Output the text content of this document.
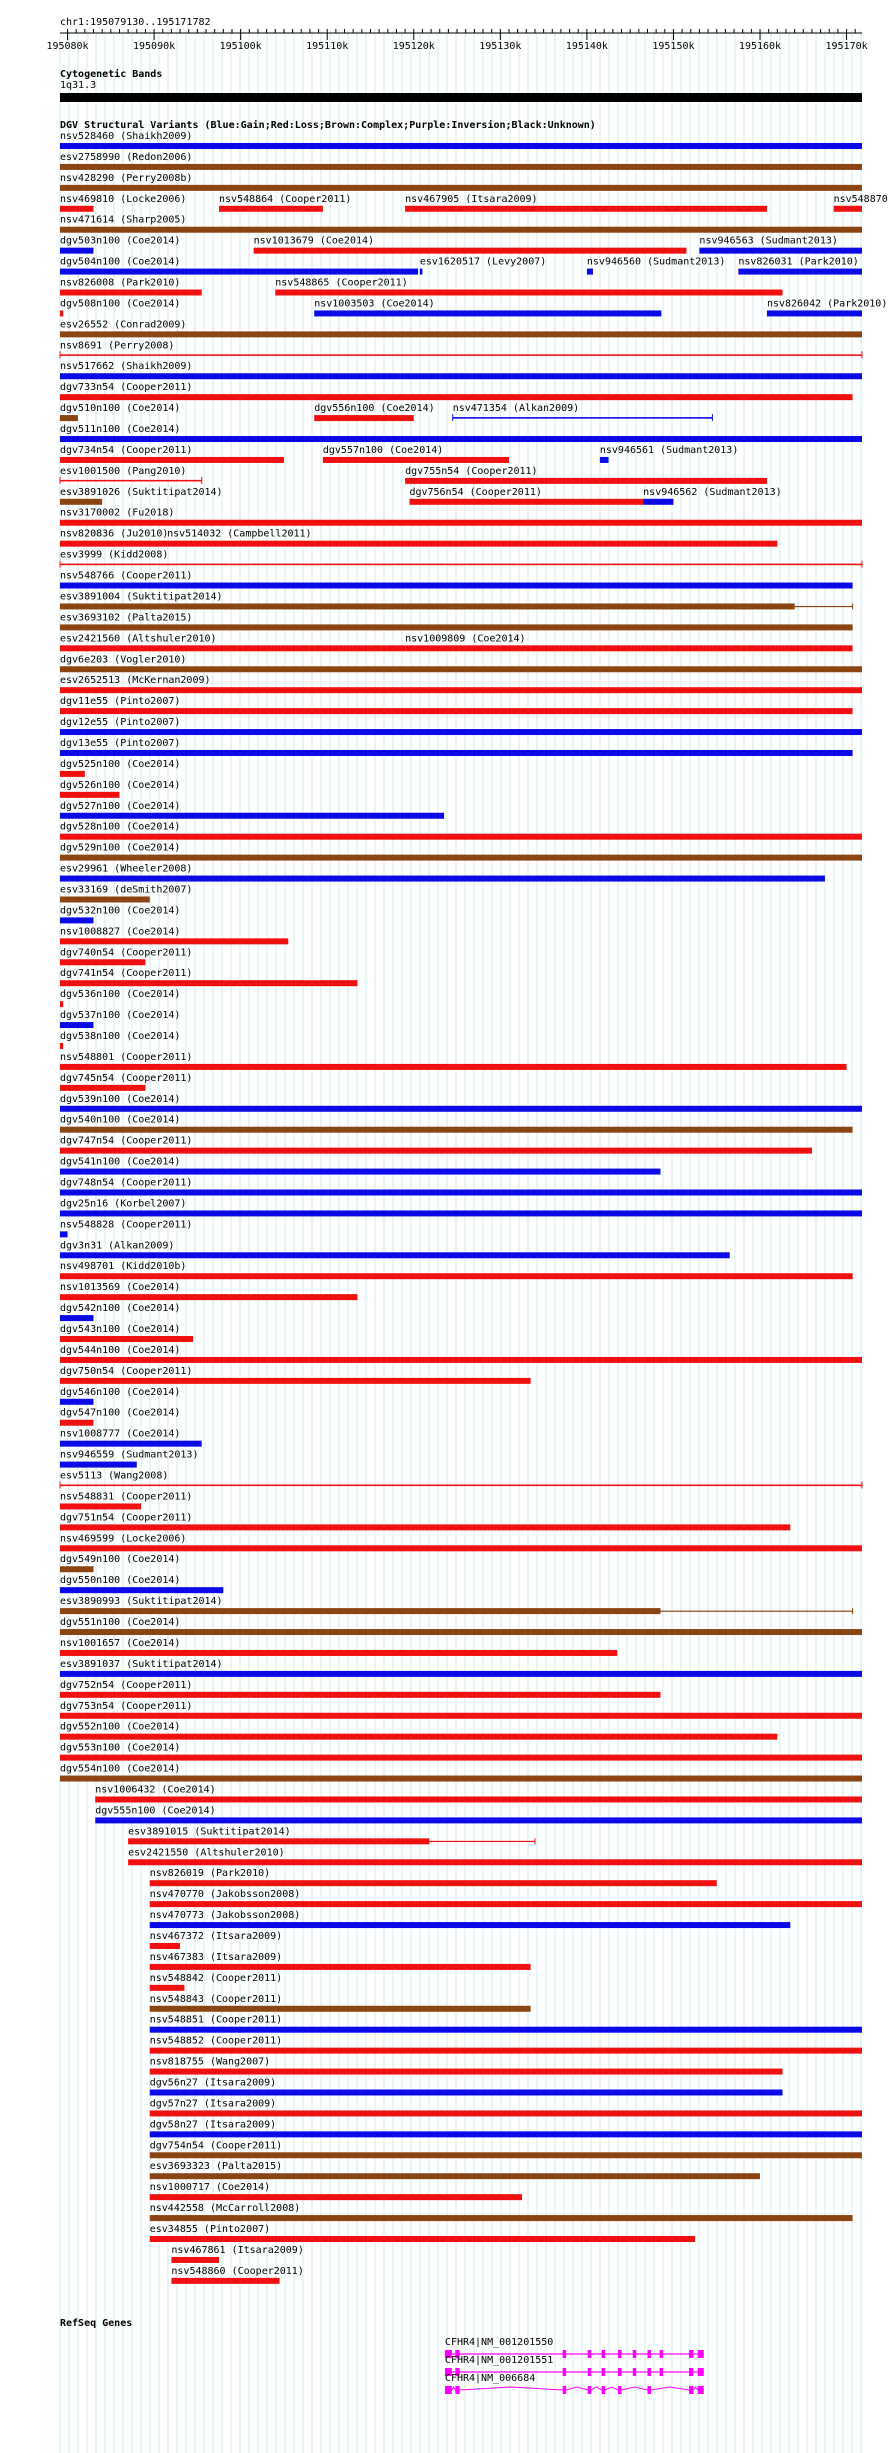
chr1:195079130..195171782
195080k	195090k	195100k	195110k	195120k	195130k	195140k	195150k	195160k	195170k
Cytogenetic Bands
1q31.3
DGV Structural Variants (Blue:Gain;Red:Loss;Brown:Complex;Purple:Inversion;Black:Unknown)
nsv528460 (Shaikh2009)
esv2758990 (Redon2006)
nsv428290 (Perry2008b)
nsv469810 (Locke2006)	nsv548864 (Cooper2011)	nsv467905 (Itsara2009)	nsv548870
nsv471614 (Sharp2005)
dgv503n100 (Coe2014)	nsv1013679 (Coe2014)	nsv946563 (Sudmant2013)
dgv504n100 (Coe2014)	esv1620517 (Levy2007)	nsv946560 (Sudmant2013) nsv826031 (Park2010)
nsv826008 (Park2010)	nsv548865 (Cooper2011)
dgv508n100 (Coe2014)	nsv1003503 (Coe2014)	nsv826042 (Park2010)
esv26552 (Conrad2009)
nsv8691 (Perry2008)
nsv517662 (Shaikh2009)
dgv733n54 (Cooper2011)
dgv510n100 (Coe2014)	dgv556n100 (Coe2014) nsv471354 (Alkan2009)
dgv511n100 (Coe2014)
dgv734n54 (Cooper2011)	dgv557n100 (Coe2014)	nsv946561 (Sudmant2013)
esv1001500 (Pang2010)	dgv755n54 (Cooper2011)
esv3891026 (Suktitipat2014)	dgv756n54 (Cooper2011)	nsv946562 (Sudmant2013)
nsv3170002 (Fu2018)
nsv820836 (Ju2010)
nsv514032 (Campbell2011)
esv3999 (Kidd2008)
nsv548766 (Cooper2011)
esv3891004 (Suktitipat2014)
esv3693102 (Palta2015)
esv2421560 (Altshuler2010)	nsv1009809 (Coe2014)
dgv6e203 (Vogler2010)
esv2652513 (McKernan2009)
dgv11e55 (Pinto2007)
dgv12e55 (Pinto2007)
dgv13e55 (Pinto2007)
dgv525n100 (Coe2014)
dgv526n100 (Coe2014)
dgv527n100 (Coe2014)
dgv528n100 (Coe2014)
dgv529n100 (Coe2014)
esv29961 (Wheeler2008)
esv33169 (deSmith2007)
dgv532n100 (Coe2014)
nsv1008827 (Coe2014)
dgv740n54 (Cooper2011)
dgv741n54 (Cooper2011)
dgv536n100 (Coe2014)
dgv537n100 (Coe2014)
dgv538n100 (Coe2014)
nsv548801 (Cooper2011)
dgv745n54 (Cooper2011)
dgv539n100 (Coe2014)
dgv540n100 (Coe2014)
dgv747n54 (Cooper2011)
dgv541n100 (Coe2014)
dgv748n54 (Cooper2011)
dgv25n16 (Korbel2007)
nsv548828 (Cooper2011)
dgv3n31 (Alkan2009)
nsv498701 (Kidd2010b)
nsv1013569 (Coe2014)
dgv542n100 (Coe2014)
dgv543n100 (Coe2014)
dgv544n100 (Coe2014)
dgv750n54 (Cooper2011)
dgv546n100 (Coe2014)
dgv547n100 (Coe2014)
nsv1008777 (Coe2014)
nsv946559 (Sudmant2013)
esv5113 (Wang2008)
nsv548831 (Cooper2011)
dgv751n54 (Cooper2011)
nsv469599 (Locke2006)
dgv549n100 (Coe2014)
dgv550n100 (Coe2014)
esv3890993 (Suktitipat2014)
dgv551n100 (Coe2014)
nsv1001657 (Coe2014)
esv3891037 (Suktitipat2014)
dgv752n54 (Cooper2011)
dgv753n54 (Cooper2011)
dgv552n100 (Coe2014)
dgv553n100 (Coe2014)
dgv554n100 (Coe2014)
nsv1006432 (Coe2014)
dgv555n100 (Coe2014)
esv3891015 (Suktitipat2014)
esv2421550 (Altshuler2010)
nsv826019 (Park2010)
nsv470770 (Jakobsson2008)
nsv470773 (Jakobsson2008)
nsv467372 (Itsara2009)
nsv467383 (Itsara2009)
nsv548842 (Cooper2011)
nsv548843 (Cooper2011)
nsv548851 (Cooper2011)
nsv548852 (Cooper2011)
nsv818755 (Wang2007)
dgv56n27 (Itsara2009)
dgv57n27 (Itsara2009)
dgv58n27 (Itsara2009)
dgv754n54 (Cooper2011)
esv3693323 (Palta2015)
nsv1000717 (Coe2014)
nsv442558 (McCarroll2008)
esv34855 (Pinto2007)
nsv467861 (Itsara2009)
nsv548860 (Cooper2011)
RefSeq Genes
CFHR4|NM_001201550
CFHR4|NM_001201551
CFHR4|NM_006684
